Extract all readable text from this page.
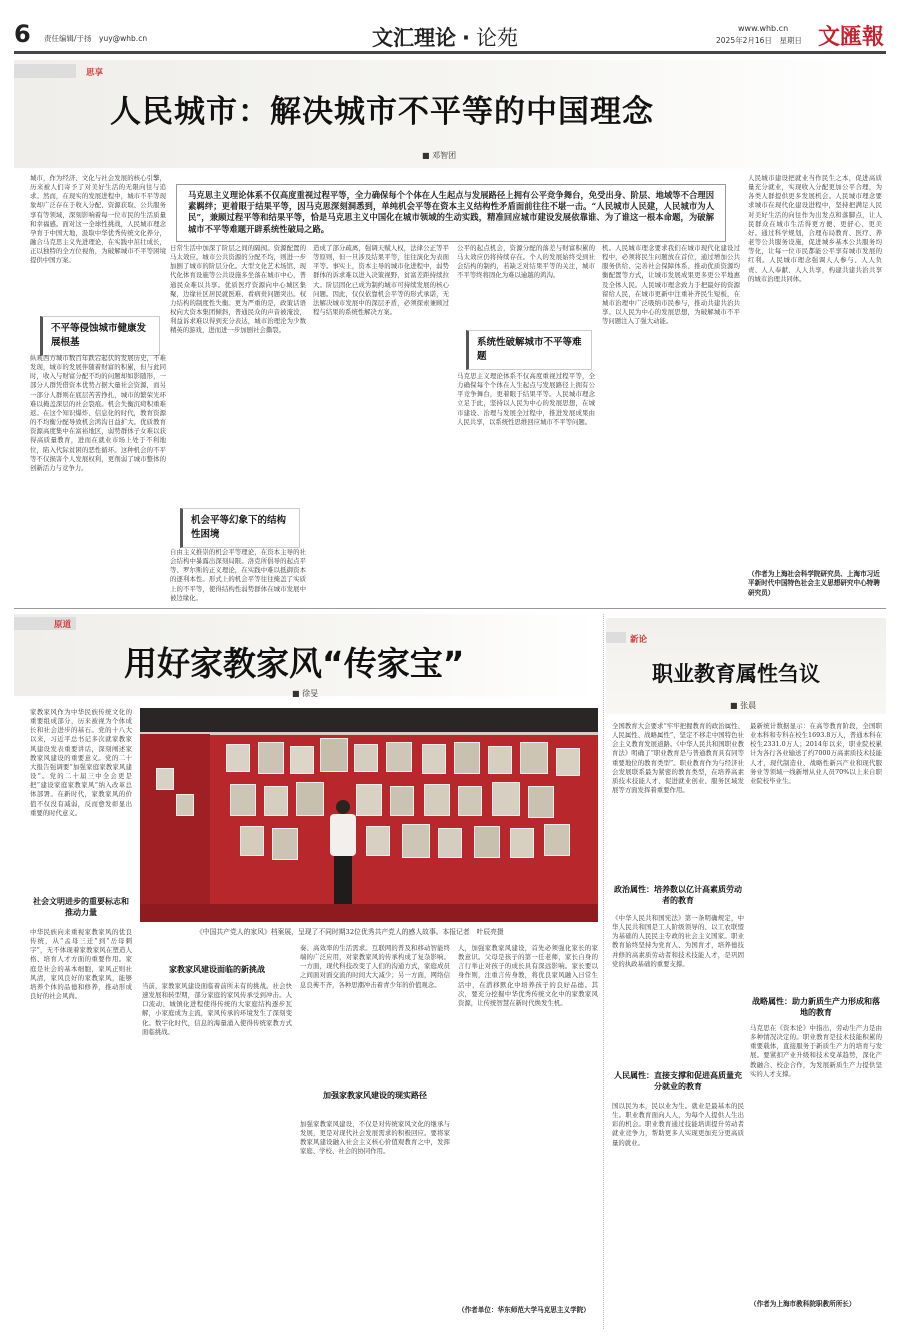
6 责任编辑/于扬　yuy@whb.cn	文汇理论 · 论苑	www.whb.cn
2025年2月16日　星期日 文匯報
思享
人民城市：解决城市不平等的中国理念
■ 邓智团
马克思主义理论体系不仅高度重视过程平等，全力确保每个个体在人生起点与发展路径上拥有公平竞争舞台，免受出身、阶层、地域等不合理因素羁绊；更着眼于结果平等，因马克思深刻洞悉到，单纯机会平等在资本主义结构性矛盾面前往往不堪一击。“人民城市人民建，人民城市为人民”，兼顾过程平等和结果平等，恰是马克思主义中国化在城市领域的生动实践，精准回应城市建设发展依靠谁、为了谁这一根本命题，为破解城市不平等难题开辟系统性破局之路。
城市，作为经济、文化与社会发展的核心引擎，历来被人们寄予了对美好生活的无限向往与追求。然而，在现实的发展进程中，城市不平等现象却广泛存在于收入分配、资源获取、公共服务享有等领域，深刻影响着每一位市民的生活质量和幸福感。面对这一全球性挑战，人民城市理念孕育于中国大地，汲取中华优秀传统文化养分，融合马克思主义先进理论，在实践中茁壮成长，正以独特的全方位视角，为破解城市不平等困境提供中国方案。
不平等侵蚀城市健康发展根基
纵观西方城市数百年跌宕起伏的发展历史，不难发现，城市的发展伴随着财富的积累，但与此同时，收入与财富分配不均的问题却如影随形，一部分人群凭借资本优势占据大量社会资源，而另一部分人群则在底层苦苦挣扎，城市的繁荣光环难以掩盖深层的社会裂痕。机会失衡沉疴积重难返。在这个知识爆炸、信息化的时代，教育资源的不均衡分配导致机会鸿沟日益扩大。优质教育资源高度集中在富裕地区，弱势群体子女难以获得高质量教育，进而在就业市场上处于不利地位，陷入代际贫困的恶性循环。这种机会的不平等不仅损害个人发展权利，更削弱了城市整体的创新活力与竞争力。
日常生活中加深了阶层之间的隔阂。资源配置的马太效应。城市公共资源的分配不均，则进一步加剧了城市的阶层分化。大型文化艺术场馆、现代化体育设施等公共设施多坐落在城市中心，普通民众难以共享。优质医疗资源向中心城区集聚，边缘社区居民就医难、看病贵问题突出。权力结构的制度性失衡。更为严重的是，政策话语权向大资本集团倾斜，普通民众的声音被淹没，利益诉求难以得到充分表达，城市治理沦为少数精英的游戏，进而进一步加剧社会撕裂。
机会平等幻象下的结构性困境
自由主义推崇的机会平等理论，在资本主导的社会结构中暴露出深刻局限。洛克所倡导的起点平等、罗尔斯的正义理论，在实践中难以抵御资本的逐利本性。形式上的机会平等往往掩盖了实质上的不平等，使得结构性弱势群体在城市发展中被边缘化。
造成了部分疏离，强调天赋人权，法律公正等平等原则，但一旦涉及结果平等，往往演化为表面平等。事实上，资本主导的城市化进程中，弱势群体的诉求难以进入决策视野，贫富差距持续拉大。阶层固化已成为制约城市可持续发展的核心问题。因此，仅仅依靠机会平等的形式承诺，无法解决城市发展中的深层矛盾，必须探索兼顾过程与结果的系统性解决方案。
公平的起点机会，资源分配的落差与财富积累的马太效应仍将持续存在。个人的发展始终受到社会结构的制约，若缺乏对结果平等的关注，城市不平等终将固化为难以逾越的鸿沟。
系统性破解城市不平等难题
马克思主义理论体系不仅高度重视过程平等，全力确保每个个体在人生起点与发展路径上拥有公平竞争舞台，更着眼于结果平等。人民城市理念立足于此，坚持以人民为中心的发展思想，在城市建设、治理与发展全过程中，推进发展成果由人民共享，以系统性思维回应城市不平等问题。
机。人民城市理念要求我们在城市现代化建设过程中，必须将民生问题放在首位，通过增加公共服务供给、完善社会保障体系、推动优质资源均衡配置等方式，让城市发展成果更多更公平地惠及全体人民。人民城市理念致力于把最好的资源留给人民，在城市更新中注重补齐民生短板，在城市治理中广泛吸纳市民参与，推动共建共治共享。以人民为中心的发展思想，为破解城市不平等问题注入了强大动能。
人民城市建设把就业当作民生之本，促进高质量充分就业，实现收入分配更加公平合理，为各类人群提供更多发展机会。人民城市理念要求城市在现代化建设进程中，坚持把满足人民对美好生活的向往作为出发点和落脚点，让人民群众在城市生活得更方便、更舒心、更美好。通过科学规划，合理布局教育、医疗、养老等公共服务设施，促进城乡基本公共服务均等化，让每一位市民都能公平享有城市发展的红利。人民城市理念强调人人参与、人人负责、人人奉献、人人共享，构建共建共治共享的城市治理共同体。
（作者为上海社会科学院研究员、上海市习近平新时代中国特色社会主义思想研究中心特聘研究员）
原道
用好家教家风“传家宝”
■ 徐旻
家教家风作为中华民族传统文化的重要组成部分，历来被视为个体成长和社会进步的基石。党的十八大以来，习近平总书记多次就家教家风建设发表重要讲话，深刻阐述家教家风建设的重要意义。党的二十大报告强调要“加强家庭家教家风建设”。党的二十届三中全会更是把“建设家庭家教家风”纳入改革总体部署。在新时代，家教家风的价值不仅没有减弱，反而愈发彰显出重要的时代意义。
社会文明进步的重要标志和推动力量
中华民族向来重视家教家风的优良传统，从“孟母三迁”到“岳母刺字”，无不体现着家教家风在塑造人格、培育人才方面的重要作用。家庭是社会的基本细胞，家风正则社风清，家风良好的家教家风，能够培养个体的品德和修养，推动形成良好的社会风尚。
《中国共产党人的家风》档案展，呈现了不同时期32位优秀共产党人的感人故事。本报记者　叶辰亮摄
家教家风建设面临的新挑战
当前，家教家风建设面临着前所未有的挑战。社会快速发展和转型期，部分家庭的家风传承受到冲击。人口流动、城镇化进程使得传统的大家庭结构逐步瓦解，小家庭成为主流，家风传承的环境发生了深刻变化。数字化时代，信息的海量涌入使得传统家教方式面临挑战。
奏、高效率的生活需求。互联网的普及和移动智能终端的广泛应用，对家教家风的传承构成了复杂影响。一方面，现代科技改变了人们的沟通方式，家庭成员之间面对面交流的时间大大减少；另一方面，网络信息良莠不齐，各种思潮冲击着青少年的价值观念。
加强家教家风建设的现实路径
加强家教家风建设，不仅是对传统家风文化的继承与发展，更是对现代社会发展需求的积极回应。要将家教家风建设融入社会主义核心价值观教育之中，发挥家庭、学校、社会的协同作用。
人，加强家教家风建设，首先必须强化家长的家教意识。父母是孩子的第一任老师，家长自身的言行举止对孩子的成长具有深远影响。家长要以身作则，注重言传身教，将优良家风融入日常生活中，在潜移默化中培养孩子的良好品德。其次，要充分挖掘中华优秀传统文化中的家教家风资源，让传统智慧在新时代焕发生机。
（作者单位：华东师范大学马克思主义学院）
新论
职业教育属性刍议
■ 张晨
全国教育大会要求“牢牢把握教育的政治属性、人民属性、战略属性”，坚定不移走中国特色社会主义教育发展道路。《中华人民共和国职业教育法》明确了“职业教育是与普通教育具有同等重要地位的教育类型”。职业教育作为与经济社会发展联系最为紧密的教育类型，在培养高素质技术技能人才、促进就业创业、服务区域发展等方面发挥着重要作用。
政治属性：培养数以亿计高素质劳动者的教育
《中华人民共和国宪法》第一条明确规定，中华人民共和国是工人阶级领导的、以工农联盟为基础的人民民主专政的社会主义国家。职业教育始终坚持为党育人、为国育才，培养德技并修的高素质劳动者和技术技能人才，是巩固党的执政基础的重要支撑。
人民属性：直接支撑和促进高质量充分就业的教育
国以民为本，民以业为生。就业是最基本的民生。职业教育面向人人，为每个人提供人生出彩的机会。职业教育通过技能培训提升劳动者就业竞争力，帮助更多人实现更加充分更高质量的就业。
最新统计数据显示：在高等教育阶段，全国职业本科和专科在校生1693.8万人，普通本科在校生2331.0万人；2014年以来，职业院校累计为各行各业输送了约7000万高素质技术技能人才，现代制造业、战略性新兴产业和现代服务业等领域一线新增从业人员70%以上来自职业院校毕业生。
战略属性：助力新质生产力形成和落地的教育
马克思在《资本论》中指出，劳动生产力是由多种情况决定的。职业教育是技术技能积累的重要载体，直接服务于新质生产力的培育与发展。要紧扣产业升级和技术变革趋势，深化产教融合、校企合作，为发展新质生产力提供坚实的人才支撑。
（作者为上海市教科院职教所所长）
